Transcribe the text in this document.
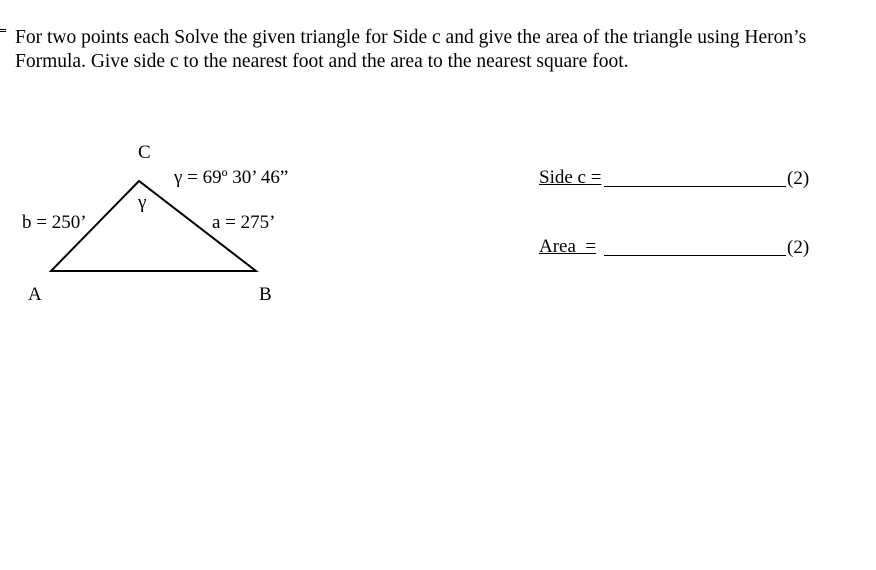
For two points each Solve the given triangle for Side c and give the area of the triangle using Heron’s Formula. Give side c to the nearest foot and the area to the nearest square foot.

C
γ
γ = 69º 30’ 46”
b = 250’	a = 275’
A	B
Side c =	(2)
Area  =	(2)
